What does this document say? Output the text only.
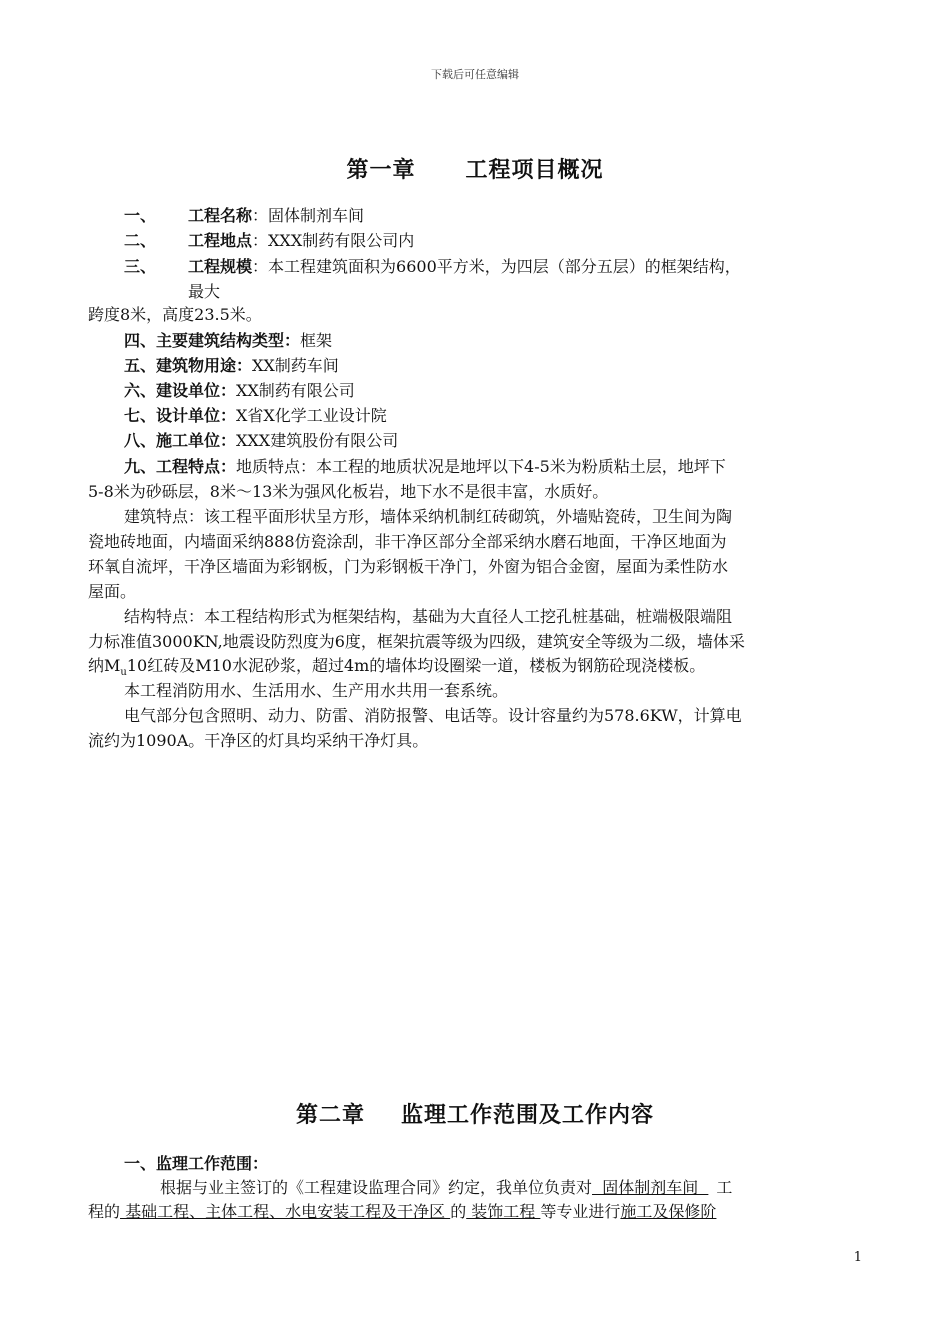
下载后可任意编辑
第一章 工程项目概况
一、 工程名称：固体制剂车间
二、 工程地点：XXX制药有限公司内
三、 工程规模：本工程建筑面积为6600平方米，为四层（部分五层）的框架结构，
最大
跨度8米，高度23.5米。
四、主要建筑结构类型：框架
五、建筑物用途：XX制药车间
六、建设单位：XX制药有限公司
七、设计单位：X省X化学工业设计院
八、施工单位：XXX建筑股份有限公司
九、工程特点：地质特点：本工程的地质状况是地坪以下4-5米为粉质粘土层，地坪下
5-8米为砂砾层，8米～13米为强风化板岩，地下水不是很丰富，水质好。
建筑特点：该工程平面形状呈方形，墙体采纳机制红砖砌筑，外墙贴瓷砖，卫生间为陶
瓷地砖地面，内墙面采纳888仿瓷涂刮，非干净区部分全部采纳水磨石地面，干净区地面为
环氧自流坪，干净区墙面为彩钢板，门为彩钢板干净门，外窗为铝合金窗，屋面为柔性防水
屋面。
结构特点：本工程结构形式为框架结构，基础为大直径人工挖孔桩基础，桩端极限端阻
力标准值3000KN,地震设防烈度为6度，框架抗震等级为四级，建筑安全等级为二级，墙体采
纳$M_u10$红砖及M10水泥砂浆，超过4m的墙体均设圈梁一道，楼板为钢筋砼现浇楼板。
本工程消防用水、生活用水、生产用水共用一套系统。
电气部分包含照明、动力、防雷、消防报警、电话等。设计容量约为578.6KW，计算电
流约为1090A。干净区的灯具均采纳干净灯具。
第二章 监理工作范围及工作内容
一、监理工作范围：
根据与业主签订的《工程建设监理合同》约定，我单位负责对  固体制剂车间  工
程的 基础工程、主体工程、水电安装工程及干净区 的 装饰工程 等专业进行施工及保修阶
1
